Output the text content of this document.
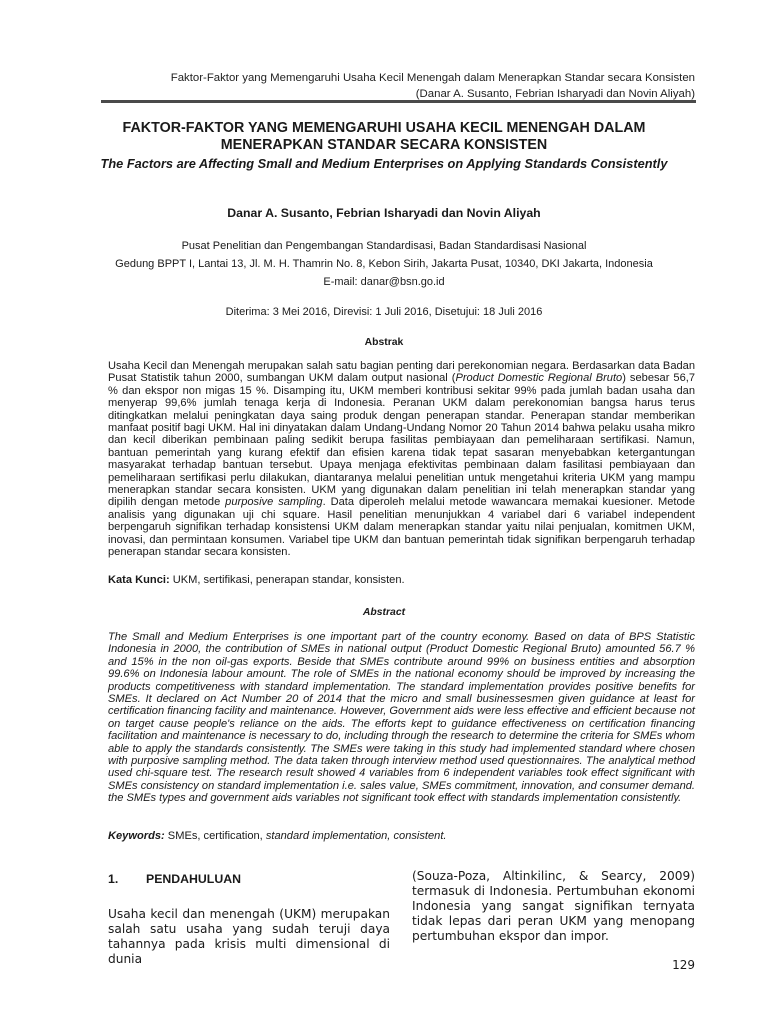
Faktor-Faktor yang Memengaruhi Usaha Kecil Menengah dalam Menerapkan Standar secara Konsisten
(Danar A. Susanto, Febrian Isharyadi dan Novin Aliyah)
FAKTOR-FAKTOR YANG MEMENGARUHI USAHA KECIL MENENGAH DALAM
MENERAPKAN STANDAR SECARA KONSISTEN
The Factors are Affecting Small and Medium Enterprises on Applying Standards Consistently
Danar A. Susanto, Febrian Isharyadi dan Novin Aliyah
Pusat Penelitian dan Pengembangan Standardisasi, Badan Standardisasi Nasional
Gedung BPPT I, Lantai 13, Jl. M. H. Thamrin No. 8, Kebon Sirih, Jakarta Pusat, 10340, DKI Jakarta, Indonesia
E-mail: danar@bsn.go.id
Diterima: 3 Mei 2016, Direvisi: 1 Juli 2016, Disetujui: 18 Juli 2016
Abstrak
Usaha Kecil dan Menengah merupakan salah satu bagian penting dari perekonomian negara. Berdasarkan data Badan Pusat Statistik tahun 2000, sumbangan UKM dalam output nasional (Product Domestic Regional Bruto) sebesar 56,7 % dan ekspor non migas 15 %. Disamping itu, UKM memberi kontribusi sekitar 99% pada jumlah badan usaha dan menyerap 99,6% jumlah tenaga kerja di Indonesia. Peranan UKM dalam perekonomian bangsa harus terus ditingkatkan melalui peningkatan daya saing produk dengan penerapan standar. Penerapan standar memberikan manfaat positif bagi UKM. Hal ini dinyatakan dalam Undang-Undang Nomor 20 Tahun 2014 bahwa pelaku usaha mikro dan kecil diberikan pembinaan paling sedikit berupa fasilitas pembiayaan dan pemeliharaan sertifikasi. Namun, bantuan pemerintah yang kurang efektif dan efisien karena tidak tepat sasaran menyebabkan ketergantungan masyarakat terhadap bantuan tersebut. Upaya menjaga efektivitas pembinaan dalam fasilitasi pembiayaan dan pemeliharaan sertifikasi perlu dilakukan, diantaranya melalui penelitian untuk mengetahui kriteria UKM yang mampu menerapkan standar secara konsisten. UKM yang digunakan dalam penelitian ini telah menerapkan standar yang dipilih dengan metode purposive sampling. Data diperoleh melalui metode wawancara memakai kuesioner. Metode analisis yang digunakan uji chi square. Hasil penelitian menunjukkan 4 variabel dari 6 variabel independent berpengaruh signifikan terhadap konsistensi UKM dalam menerapkan standar yaitu nilai penjualan, komitmen UKM, inovasi, dan permintaan konsumen. Variabel tipe UKM dan bantuan pemerintah tidak signifikan berpengaruh terhadap penerapan standar secara konsisten.
Kata Kunci: UKM, sertifikasi, penerapan standar, konsisten.
Abstract
The Small and Medium Enterprises is one important part of the country economy. Based on data of BPS Statistic Indonesia in 2000, the contribution of SMEs in national output (Product Domestic Regional Bruto) amounted 56.7 % and 15% in the non oil-gas exports. Beside that SMEs contribute around 99% on business entities and absorption 99.6% on Indonesia labour amount. The role of SMEs in the national economy should be improved by increasing the products competitiveness with standard implementation. The standard implementation provides positive benefits for SMEs. It declared on Act Number 20 of 2014 that the micro and small businessesmen given guidance at least for certification financing facility and maintenance. However, Government aids were less effective and efficient because not on target cause people's reliance on the aids. The efforts kept to guidance effectiveness on certification financing facilitation and maintenance is necessary to do, including through the research to determine the criteria for SMEs whom able to apply the standards consistently. The SMEs were taking in this study had implemented standard where chosen with purposive sampling method. The data taken through interview method used questionnaires. The analytical method used chi-square test. The research result showed 4 variables from 6 independent variables took effect significant with SMEs consistency on standard implementation i.e. sales value, SMEs commitment, innovation, and consumer demand. the SMEs types and government aids variables not significant took effect with standards implementation consistently.
Keywords: SMEs, certification, standard implementation, consistent.
1. PENDAHULUAN
Usaha kecil dan menengah (UKM) merupakan salah satu usaha yang sudah teruji daya tahannya pada krisis multi dimensional di dunia
(Souza-Poza, Altinkilinc, & Searcy, 2009) termasuk di Indonesia. Pertumbuhan ekonomi Indonesia yang sangat signifikan ternyata tidak lepas dari peran UKM yang menopang pertumbuhan ekspor dan impor.
129
